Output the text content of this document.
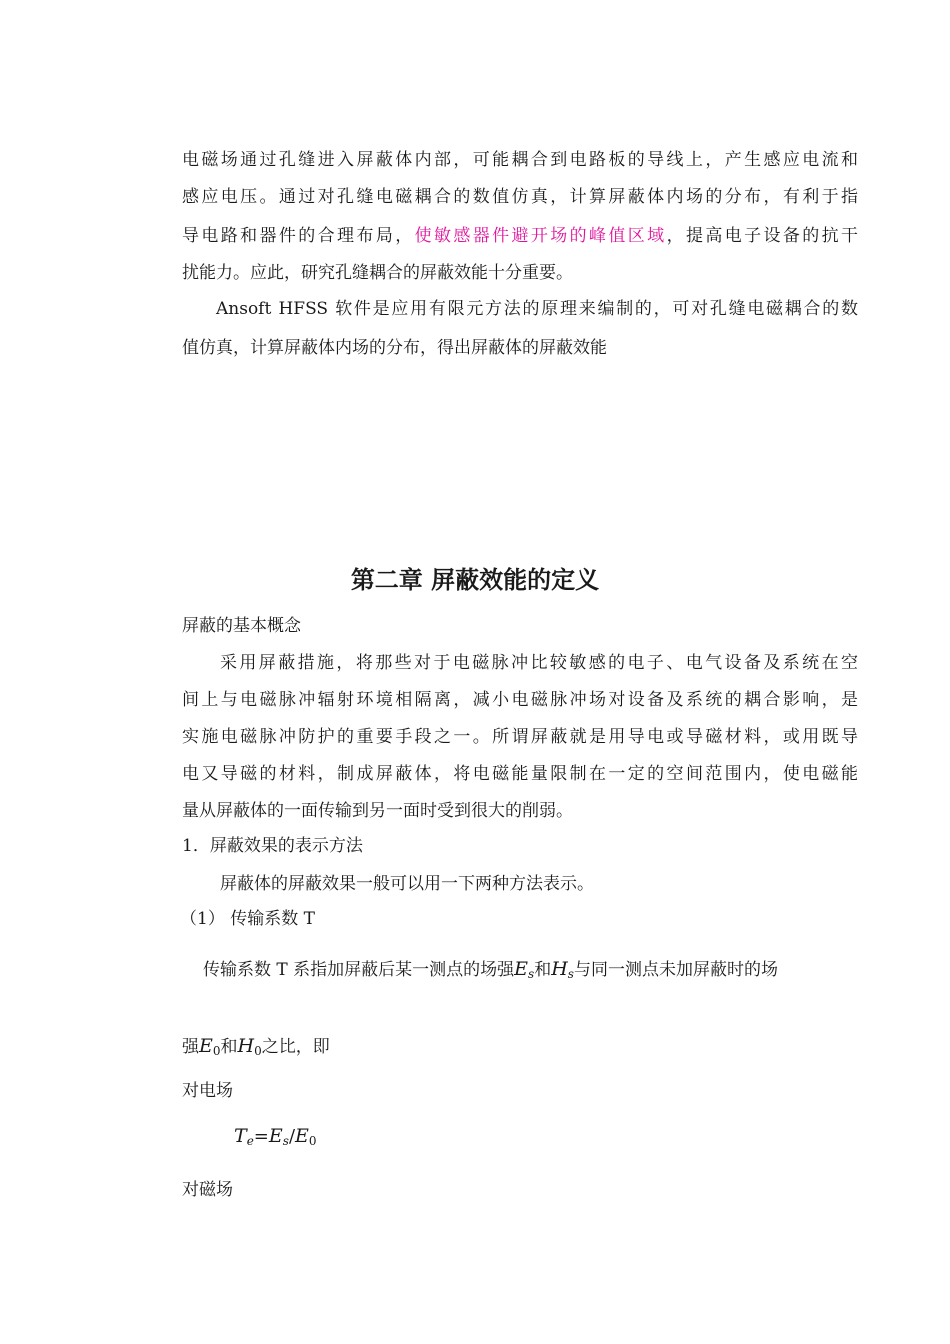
电磁场通过孔缝进入屏蔽体内部，可能耦合到电路板的导线上，产生感应电流和
感应电压。通过对孔缝电磁耦合的数值仿真，计算屏蔽体内场的分布，有利于指
导电路和器件的合理布局，使敏感器件避开场的峰值区域，提高电子设备的抗干
扰能力。应此，研究孔缝耦合的屏蔽效能十分重要。
Ansoft HFSS 软件是应用有限元方法的原理来编制的，可对孔缝电磁耦合的数
值仿真，计算屏蔽体内场的分布，得出屏蔽体的屏蔽效能
第二章 屏蔽效能的定义
屏蔽的基本概念
采用屏蔽措施，将那些对于电磁脉冲比较敏感的电子、电气设备及系统在空
间上与电磁脉冲辐射环境相隔离，减小电磁脉冲场对设备及系统的耦合影响，是
实施电磁脉冲防护的重要手段之一。所谓屏蔽就是用导电或导磁材料，或用既导
电又导磁的材料，制成屏蔽体，将电磁能量限制在一定的空间范围内，使电磁能
量从屏蔽体的一面传输到另一面时受到很大的削弱。
1．屏蔽效果的表示方法
屏蔽体的屏蔽效果一般可以用一下两种方法表示。
（1） 传输系数 T
传输系数 T 系指加屏蔽后某一测点的场强Es和Hs与同一测点未加屏蔽时的场
强E0和H0之比，即
对电场
Te=Es/E0
对磁场
